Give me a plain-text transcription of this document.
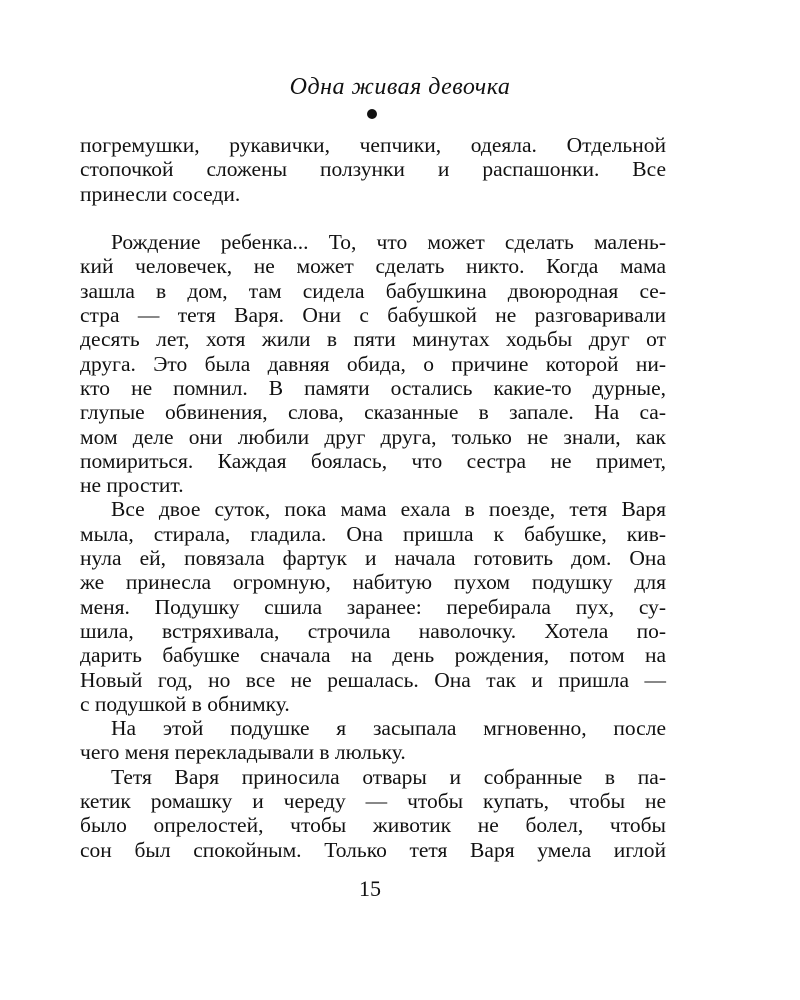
Одна живая девочка
погремушки, рукавички, чепчики, одеяла. Отдельной
стопочкой сложены ползунки и распашонки. Все
принесли соседи.
Рождение ребенка... То, что может сделать малень-
кий человечек, не может сделать никто. Когда мама
зашла в дом, там сидела бабушкина двоюродная се-
стра — тетя Варя. Они с бабушкой не разговаривали
десять лет, хотя жили в пяти минутах ходьбы друг от
друга. Это была давняя обида, о причине которой ни-
кто не помнил. В памяти остались какие-то дурные,
глупые обвинения, слова, сказанные в запале. На са-
мом деле они любили друг друга, только не знали, как
помириться. Каждая боялась, что сестра не примет,
не простит.
Все двое суток, пока мама ехала в поезде, тетя Варя
мыла, стирала, гладила. Она пришла к бабушке, кив-
нула ей, повязала фартук и начала готовить дом. Она
же принесла огромную, набитую пухом подушку для
меня. Подушку сшила заранее: перебирала пух, су-
шила, встряхивала, строчила наволочку. Хотела по-
дарить бабушке сначала на день рождения, потом на
Новый год, но все не решалась. Она так и пришла —
с подушкой в обнимку.
На этой подушке я засыпала мгновенно, после
чего меня перекладывали в люльку.
Тетя Варя приносила отвары и собранные в па-
кетик ромашку и череду — чтобы купать, чтобы не
было опрелостей, чтобы животик не болел, чтобы
сон был спокойным. Только тетя Варя умела иглой
15
